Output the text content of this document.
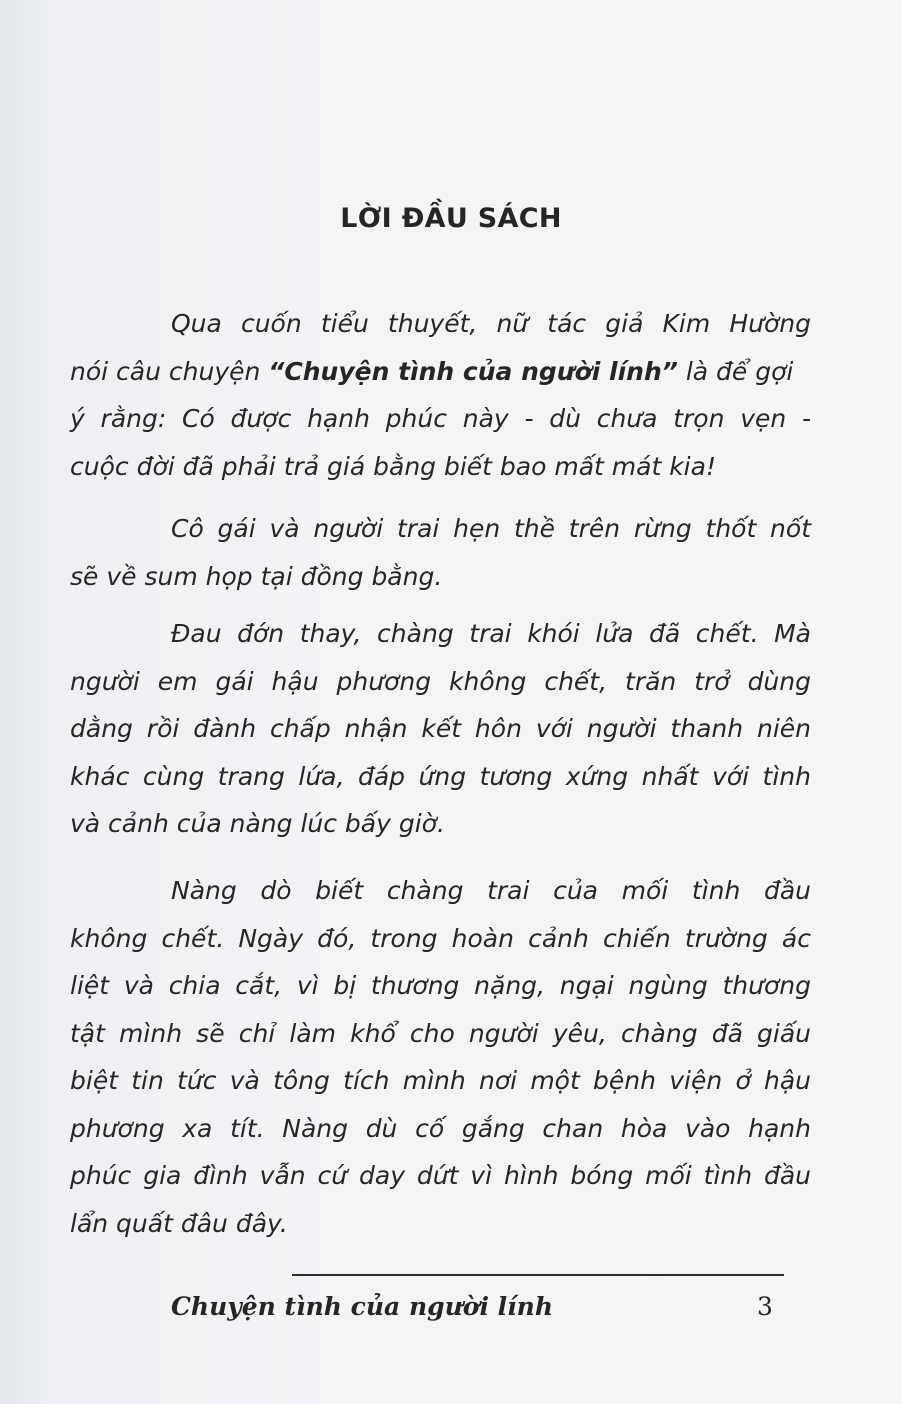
LỜI ĐẦU SÁCH
Qua cuốn tiểu thuyết, nữ tác giả Kim Hường
nói câu chuyện “Chuyện tình của người lính” là để gợi
ý rằng: Có được hạnh phúc này - dù chưa trọn vẹn -
cuộc đời đã phải trả giá bằng biết bao mất mát kia!
Cô gái và người trai hẹn thề trên rừng thốt nốt
sẽ về sum họp tại đồng bằng.
Đau đớn thay, chàng trai khói lửa đã chết. Mà
người em gái hậu phương không chết, trăn trở dùng
dằng rồi đành chấp nhận kết hôn với người thanh niên
khác cùng trang lứa, đáp ứng tương xứng nhất với tình
và cảnh của nàng lúc bấy giờ.
Nàng dò biết chàng trai của mối tình đầu
không chết. Ngày đó, trong hoàn cảnh chiến trường ác
liệt và chia cắt, vì bị thương nặng, ngại ngùng thương
tật mình sẽ chỉ làm khổ cho người yêu, chàng đã giấu
biệt tin tức và tông tích mình nơi một bệnh viện ở hậu
phương xa tít. Nàng dù cố gắng chan hòa vào hạnh
phúc gia đình vẫn cứ day dứt vì hình bóng mối tình đầu
lẩn quất đâu đây.
Chuyện tình của người lính	3
